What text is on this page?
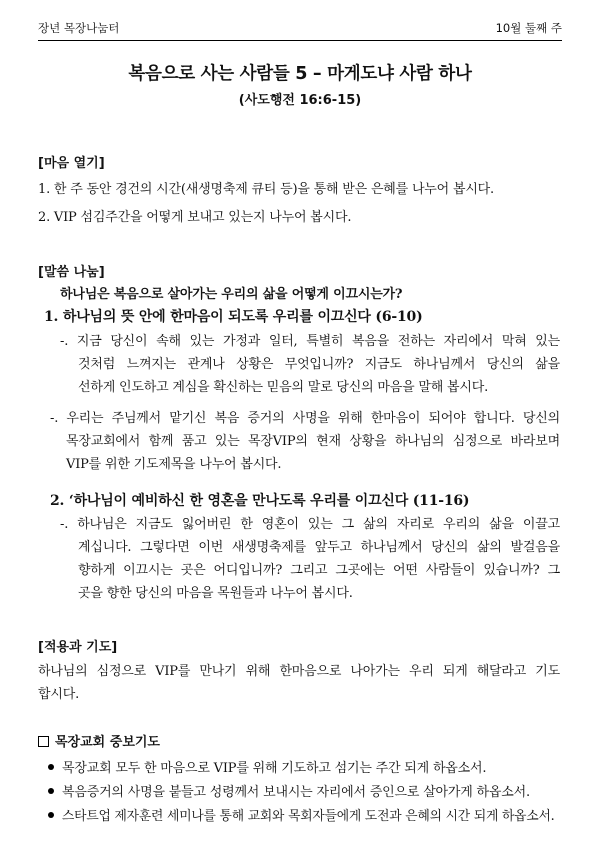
장년 목장나눔터	10월 둘째 주
복음으로 사는 사람들 5 – 마게도냐 사람 하나
(사도행전 16:6-15)
[마음 열기]
1. 한 주 동안 경건의 시간(새생명축제 큐티 등)을 통해 받은 은혜를 나누어 봅시다.
2. VIP 섬김주간을 어떻게 보내고 있는지 나누어 봅시다.
[말씀 나눔]
하나님은 복음으로 살아가는 우리의 삶을 어떻게 이끄시는가?
1. 하나님의 뜻 안에 한마음이 되도록 우리를 이끄신다 (6-10)
-. 지금 당신이 속해 있는 가정과 일터, 특별히 복음을 전하는 자리에서 막혀 있는
것처럼 느껴지는 관계나 상황은 무엇입니까? 지금도 하나님께서 당신의 삶을
선하게 인도하고 계심을 확신하는 믿음의 말로 당신의 마음을 말해 봅시다.
-. 우리는 주님께서 맡기신 복음 증거의 사명을 위해 한마음이 되어야 합니다. 당신의
목장교회에서 함께 품고 있는 목장VIP의 현재 상황을 하나님의 심정으로 바라보며
VIP를 위한 기도제목을 나누어 봅시다.
2. ‘하나님이 예비하신 한 영혼을 만나도록 우리를 이끄신다 (11-16)
-. 하나님은 지금도 잃어버린 한 영혼이 있는 그 삶의 자리로 우리의 삶을 이끌고
계십니다. 그렇다면 이번 새생명축제를 앞두고 하나님께서 당신의 삶의 발걸음을
향하게 이끄시는 곳은 어디입니까? 그리고 그곳에는 어떤 사람들이 있습니까? 그
곳을 향한 당신의 마음을 목원들과 나누어 봅시다.
[적용과 기도]
하나님의 심정으로 VIP를 만나기 위해 한마음으로 나아가는 우리 되게 해달라고 기도
합시다.
목장교회 중보기도
목장교회 모두 한 마음으로 VIP를 위해 기도하고 섬기는 주간 되게 하옵소서.
복음증거의 사명을 붙들고 성령께서 보내시는 자리에서 증인으로 살아가게 하옵소서.
스타트업 제자훈련 세미나를 통해 교회와 목회자들에게 도전과 은혜의 시간 되게 하옵소서.
